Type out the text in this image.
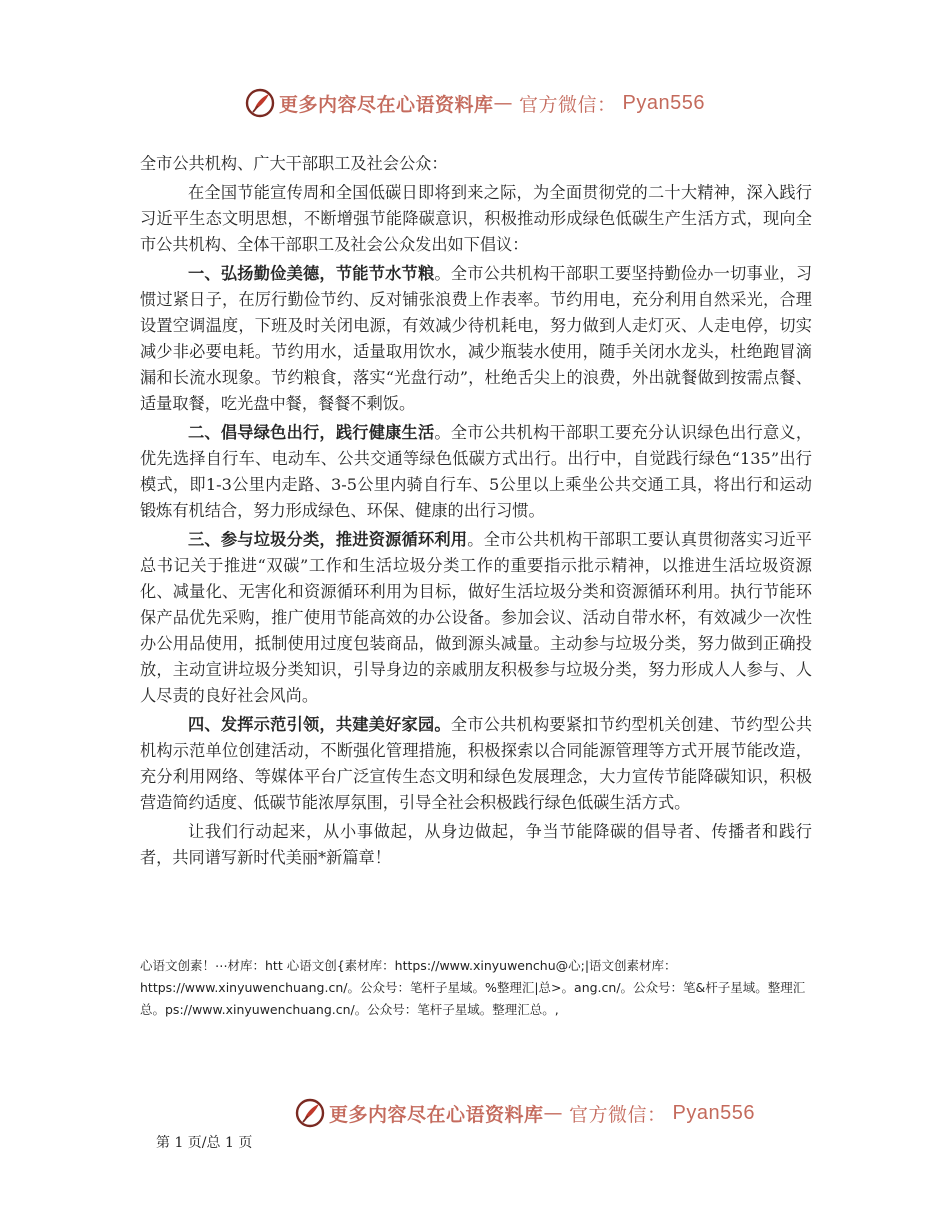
更多内容尽在心语资料库 — 官方微信： Pyan556

全市公共机构、广大干部职工及社会公众：

在全国节能宣传周和全国低碳日即将到来之际，为全面贯彻党的二十大精神，深入践行习近平生态文明思想，不断增强节能降碳意识，积极推动形成绿色低碳生产生活方式，现向全市公共机构、全体干部职工及社会公众发出如下倡议：

一、弘扬勤俭美德，节能节水节粮。全市公共机构干部职工要坚持勤俭办一切事业，习惯过紧日子，在厉行勤俭节约、反对铺张浪费上作表率。节约用电，充分利用自然采光，合理设置空调温度，下班及时关闭电源，有效减少待机耗电，努力做到人走灯灭、人走电停，切实减少非必要电耗。节约用水，适量取用饮水，减少瓶装水使用，随手关闭水龙头，杜绝跑冒滴漏和长流水现象。节约粮食，落实“光盘行动”，杜绝舌尖上的浪费，外出就餐做到按需点餐、适量取餐，吃光盘中餐，餐餐不剩饭。

二、倡导绿色出行，践行健康生活。全市公共机构干部职工要充分认识绿色出行意义，优先选择自行车、电动车、公共交通等绿色低碳方式出行。出行中，自觉践行绿色“135”出行模式，即1-3公里内走路、3-5公里内骑自行车、5公里以上乘坐公共交通工具，将出行和运动锻炼有机结合，努力形成绿色、环保、健康的出行习惯。

三、参与垃圾分类，推进资源循环利用。全市公共机构干部职工要认真贯彻落实习近平总书记关于推进“双碳”工作和生活垃圾分类工作的重要指示批示精神，以推进生活垃圾资源化、减量化、无害化和资源循环利用为目标，做好生活垃圾分类和资源循环利用。执行节能环保产品优先采购，推广使用节能高效的办公设备。参加会议、活动自带水杯，有效减少一次性办公用品使用，抵制使用过度包装商品，做到源头减量。主动参与垃圾分类，努力做到正确投放，主动宣讲垃圾分类知识，引导身边的亲戚朋友积极参与垃圾分类，努力形成人人参与、人人尽责的良好社会风尚。

四、发挥示范引领，共建美好家园。全市公共机构要紧扣节约型机关创建、节约型公共机构示范单位创建活动，不断强化管理措施，积极探索以合同能源管理等方式开展节能改造，充分利用网络、等媒体平台广泛宣传生态文明和绿色发展理念，大力宣传节能降碳知识，积极营造简约适度、低碳节能浓厚氛围，引导全社会积极践行绿色低碳生活方式。

让我们行动起来，从小事做起，从身边做起，争当节能降碳的倡导者、传播者和践行者，共同谱写新时代美丽*新篇章！

心语文创素！⋯材库：htt 心语文创{素材库：https://www.xinyuwenchu@心;|语文创素材库：https://www.xinyuwenchuang.cn/。公众号：笔杆子星域。%整理汇|总>。ang.cn/。公众号：笔&杆子星域。整理汇总。ps://www.xinyuwenchuang.cn/。公众号：笔杆子星域。整理汇总。,
更多内容尽在心语资料库 — 官方微信： Pyan556
第 1 页/总 1 页
